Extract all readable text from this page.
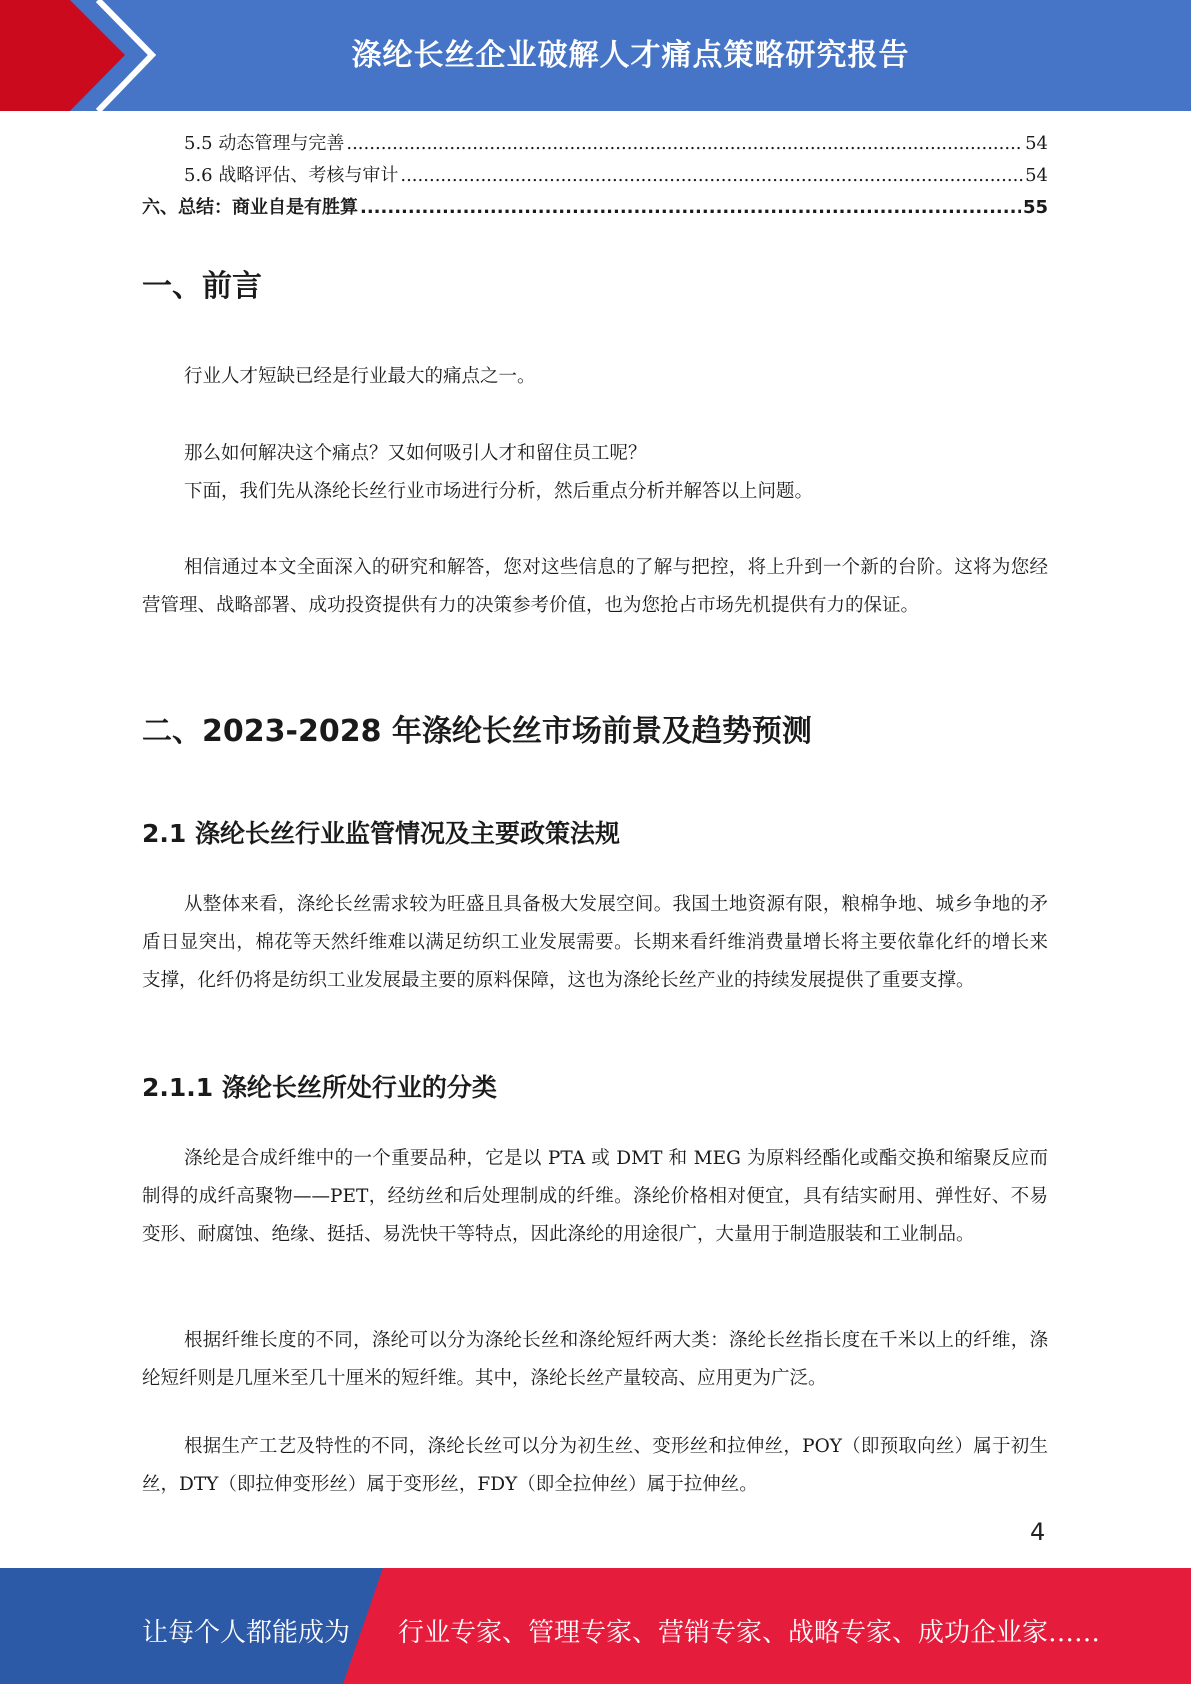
涤纶长丝企业破解人才痛点策略研究报告
5.5 动态管理与完善 .....	54
5.6 战略评估、考核与审计 .....	54
六、总结：商业自是有胜算 .....	55
一、前言

行业人才短缺已经是行业最大的痛点之一。

那么如何解决这个痛点？又如何吸引人才和留住员工呢？

下面，我们先从涤纶长丝行业市场进行分析，然后重点分析并解答以上问题。

相信通过本文全面深入的研究和解答，您对这些信息的了解与把控，将上升到一个新的台阶。这将为您经营管理、战略部署、成功投资提供有力的决策参考价值，也为您抢占市场先机提供有力的保证。

二、2023-2028 年涤纶长丝市场前景及趋势预测
2.1 涤纶长丝行业监管情况及主要政策法规

从整体来看，涤纶长丝需求较为旺盛且具备极大发展空间。我国土地资源有限，粮棉争地、城乡争地的矛盾日显突出，棉花等天然纤维难以满足纺织工业发展需要。长期来看纤维消费量增长将主要依靠化纤的增长来支撑，化纤仍将是纺织工业发展最主要的原料保障，这也为涤纶长丝产业的持续发展提供了重要支撑。

2.1.1 涤纶长丝所处行业的分类

涤纶是合成纤维中的一个重要品种，它是以 PTA 或 DMT 和 MEG 为原料经酯化或酯交换和缩聚反应而制得的成纤高聚物——PET，经纺丝和后处理制成的纤维。涤纶价格相对便宜，具有结实耐用、弹性好、不易变形、耐腐蚀、绝缘、挺括、易洗快干等特点，因此涤纶的用途很广，大量用于制造服装和工业制品。

根据纤维长度的不同，涤纶可以分为涤纶长丝和涤纶短纤两大类：涤纶长丝指长度在千米以上的纤维，涤纶短纤则是几厘米至几十厘米的短纤维。其中，涤纶长丝产量较高、应用更为广泛。

根据生产工艺及特性的不同，涤纶长丝可以分为初生丝、变形丝和拉伸丝，POY（即预取向丝）属于初生丝，DTY（即拉伸变形丝）属于变形丝，FDY（即全拉伸丝）属于拉伸丝。

4
让每个人都能成为 行业专家、管理专家、营销专家、战略专家、成功企业家……
